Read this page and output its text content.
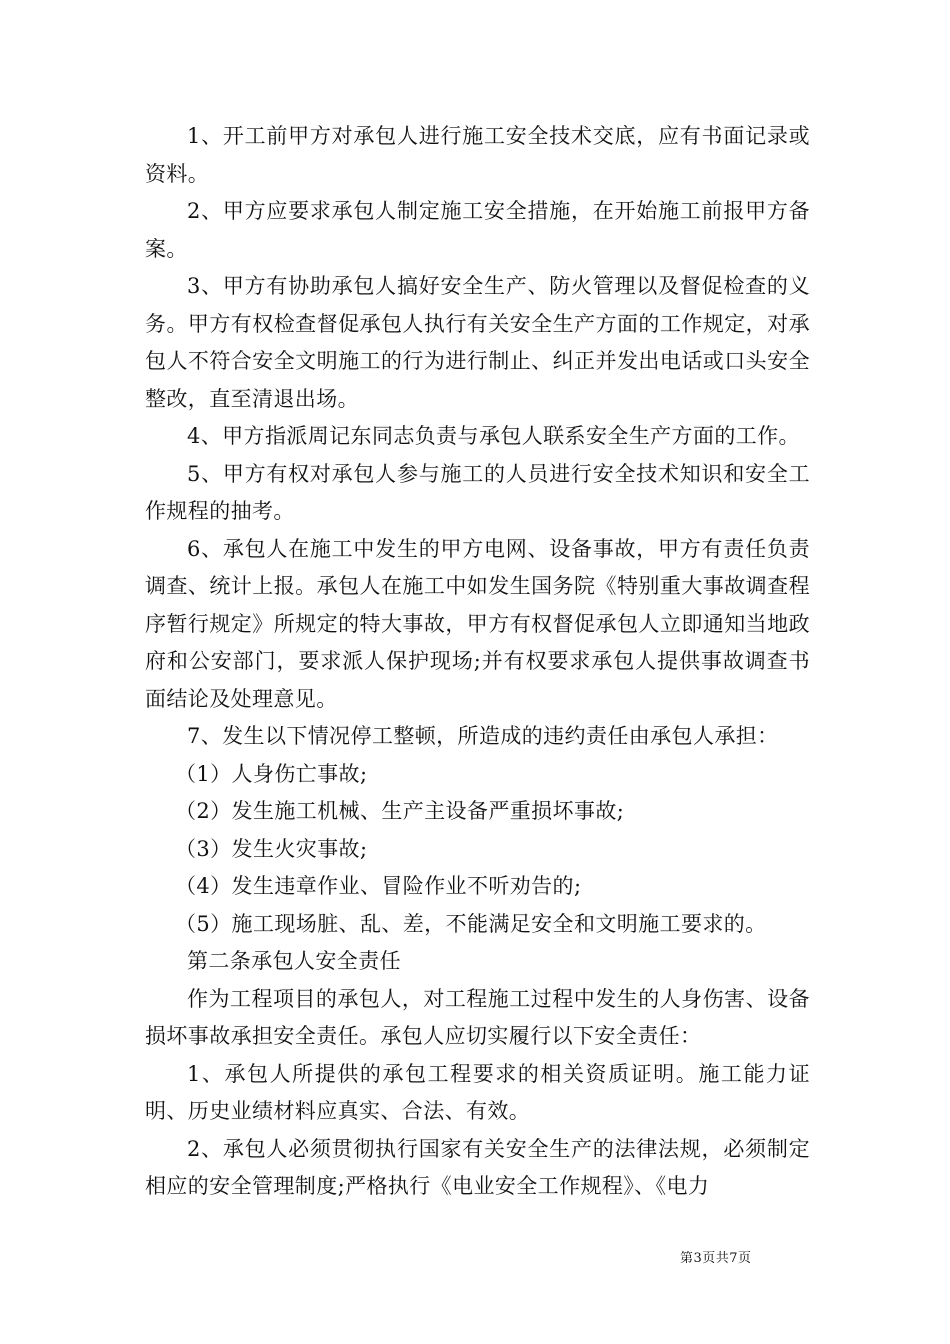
1、开工前甲方对承包人进行施工安全技术交底，应有书面记录或资料。

2、甲方应要求承包人制定施工安全措施，在开始施工前报甲方备案。

3、甲方有协助承包人搞好安全生产、防火管理以及督促检查的义务。甲方有权检查督促承包人执行有关安全生产方面的工作规定，对承包人不符合安全文明施工的行为进行制止、纠正并发出电话或口头安全整改，直至清退出场。

4、甲方指派周记东同志负责与承包人联系安全生产方面的工作。

5、甲方有权对承包人参与施工的人员进行安全技术知识和安全工作规程的抽考。

6、承包人在施工中发生的甲方电网、设备事故，甲方有责任负责调查、统计上报。承包人在施工中如发生国务院《特别重大事故调查程序暂行规定》所规定的特大事故，甲方有权督促承包人立即通知当地政府和公安部门，要求派人保护现场;并有权要求承包人提供事故调查书面结论及处理意见。

7、发生以下情况停工整顿，所造成的违约责任由承包人承担：

（1）人身伤亡事故;

（2）发生施工机械、生产主设备严重损坏事故;

（3）发生火灾事故;

（4）发生违章作业、冒险作业不听劝告的;

（5）施工现场脏、乱、差，不能满足安全和文明施工要求的。

第二条承包人安全责任

作为工程项目的承包人，对工程施工过程中发生的人身伤害、设备损坏事故承担安全责任。承包人应切实履行以下安全责任：

1、承包人所提供的承包工程要求的相关资质证明。施工能力证明、历史业绩材料应真实、合法、有效。

2、承包人必须贯彻执行国家有关安全生产的法律法规，必须制定相应的安全管理制度;严格执行《电业安全工作规程》、《电力

第3页共7页
